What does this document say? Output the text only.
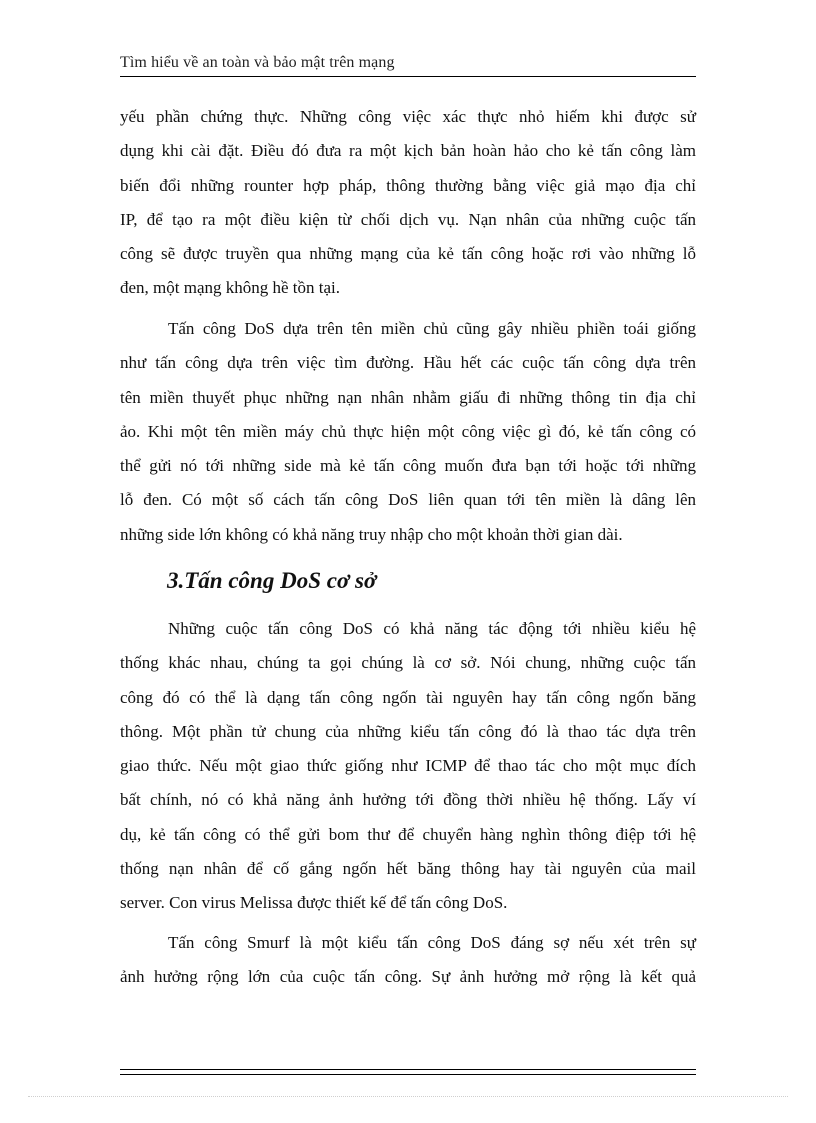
Tìm hiểu về an toàn và bảo mật trên mạng

yếu phần chứng thực. Những công việc xác thực nhỏ hiếm khi được sử
dụng khi cài đặt. Điều đó đưa ra một kịch bản hoàn hảo cho kẻ tấn công làm
biến đổi những rounter hợp pháp, thông thường bằng việc giả mạo địa chỉ
IP, để tạo ra một điều kiện từ chối dịch vụ. Nạn nhân của những cuộc tấn
công sẽ được truyền qua những mạng của kẻ tấn công hoặc rơi vào những lỗ
đen, một mạng không hề tồn tại.

Tấn công DoS dựa trên tên miền chủ cũng gây nhiều phiền toái giống
như tấn công dựa trên việc tìm đường. Hầu hết các cuộc tấn công dựa trên
tên miền thuyết phục những nạn nhân nhằm giấu đi những thông tin địa chỉ
ảo. Khi một tên miền máy chủ thực hiện một công việc gì đó, kẻ tấn công có
thể gửi nó tới những side mà kẻ tấn công muốn đưa bạn tới hoặc tới những
lỗ đen. Có một số cách tấn công DoS liên quan tới tên miền là dâng lên
những side lớn không có khả năng truy nhập cho một khoản thời gian dài.

3.Tấn công DoS cơ sở

Những cuộc tấn công DoS có khả năng tác động tới nhiều kiểu hệ
thống khác nhau, chúng ta gọi chúng là cơ sở. Nói chung, những cuộc tấn
công đó có thể là dạng tấn công ngốn tài nguyên hay tấn công ngốn băng
thông. Một phần tử chung của những kiểu tấn công đó là thao tác dựa trên
giao thức. Nếu một giao thức giống như ICMP để thao tác cho một mục đích
bất chính, nó có khả năng ảnh hưởng tới đồng thời nhiều hệ thống. Lấy ví
dụ, kẻ tấn công có thể gửi bom thư để chuyển hàng nghìn thông điệp tới hệ
thống nạn nhân để cố gắng ngốn hết băng thông hay tài nguyên của mail
server. Con virus Melissa được thiết kế để tấn công DoS.

Tấn công Smurf là một kiểu tấn công DoS đáng sợ nếu xét trên sự
ảnh hưởng rộng lớn của cuộc tấn công. Sự ảnh hưởng mở rộng là kết quả
